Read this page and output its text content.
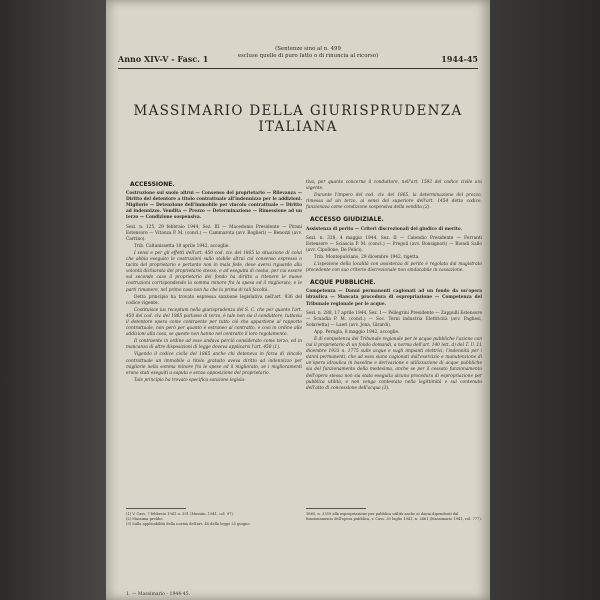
Anno XIV-V - Fasc. 1
(Sentenze sino al n. 499
escluse quelle di puro fatto o di rinuncia al ricorso)	1944-45
MASSIMARIO DELLA GIURISPRUDENZA ITALIANA
ACCESSIONE.
Costruzione sul suolo altrui — Consenso del proprietario — Rilevanza — Diritto del detentore a titolo contrattuale all'indennizzo per le addizioni. Migliorie — Detenzione dell'immobile per vincolo contrattuale — Diritto ad indennizzo. Vendita — Prezzo — Determinazione — Rimessione ad un terzo — Condizione sospensiva.
Sezi. n. 125, 29 febbraio 1944, Sez. III — Macedonio Presidente — Pirani Estensore — Vitanza P. M. (concl.) — Cammarota (avv. Boglieri) — Benozzi (avv. Carrino).
Trib. Caltanissetta 18 aprile 1942, accoglie.
I sensi e per gli effetti dell'art. 450 cod. civ. del 1865 la situazione di colui che abbia eseguito le costruzioni sullo stabile altrui col consenso espresso o tacito del proprietario e pertanto non in mala fede, deve aversi riguardo alla volontà dichiarata del proprietario stesso, e ad eseguita di costui, per cui essere sul secondo caso il proprietario del fondo ha diritto a ritenere le nuove costruzioni corrispondendo la somma minore fra la spesa ed il migliorato, e le parti rimanere, nel primo caso non ha che la prima di tali facoltà.
Detto principio ha trovato espressa sanzione legislativa nell'art. 936 del codice vigente.
Costituisce ius receptum nella giurisprudenza del S. C. che per quanto l'art. 450 del cod. civ. del 1865 parlasse di terzo, è tale non sia il conduttore, tuttavia il detentore opera come contraente per tutto ciò che appartiene al rapporto contrattuale, non però per quanto è estraneo al contratto, e così in ordine alle addizioni alla cosa, se queste non hanno nel contratto il loro regolamento.
Il contraente in ordine ad esse andava perciò considerato come terzo, ed in mancanza di altre disposizioni di legge doveva applicarsi l'art. 450 (1).
Vigendo il codice civile del 1865 anche chi deteneva in forza di vincolo contrattuale un immobile a titolo gratuito aveva diritto ad indennizzo per migliorie nella somma minore fra le spese ed il migliorato, se i miglioramenti erano stati eseguiti a saputa e senza opposizione del proprietario.
Tale principio ha trovato specifica sanzione legisla-
tiva, per quanto concerne il conduttore, nell'art. 1592 del codice civile ora vigente.
Durante l'impero del cod. civ. del 1865, la determinazione del prezzo, rimessa ad un terzo, ai sensi del superiore dell'art. 1454 detto codice, funzionava come condizione sospensiva della vendita (2).
ACCESSO GIUDIZIALE.
Assistenza di perito — Criteri discrezionali del giudice di merito.
Sezi. n. 328, 4 maggio 1944, Sez. II — Calendio Presidente — Ferranti Estensore — Sciascia P. M. (concl.) — Pregoli (avv. Bonsignori) — Biondi Sallo (avv. Cipollone, De Felici).
Trib. Montepulciano, 29 dicembre 1942, rigetta.
L'ispezione della località con assistenza di perito è regolata dal magistrato procedente con suo criterio discrezionale non sindacabile in cassazione.
ACQUE PUBBLICHE.
Competenza — Danni permanenti cagionati ad un fondo da un'opera idraulica — Mancata procedura di espropriazione — Competenza del Tribunale regionale per le acque.
Sezi. n. 288, 17 aprile 1944, Sez. I — Pellegrini Presidente — Zappulli Estensore — Scuadia P. M. (concl.) — Soc. Terni industria Elettricità (avv. Pagliesi, Solarietta) — Laeri (avv. Jona, Girardi).
App. Perugia, 8 maggio 1942, accoglie.
È di competenza del Tribunale regionale per le acque pubbliche l'azione con cui il proprietario di un fondo domandi, a norma dell'art. 140 lett. d) del T. U. 11 dicembre 1933 n. 1775 sulle acque e sugli impianti elettrici, l'indennità per i danni permanenti, che ad esso siano cagionati dall'esercizio e manutenzione di un'opera idraulica in baseline e derivazione e utilizzazione di acque pubbliche sia del funzionamento della medesima, anche se per il cessato funzionamento dell'opera stessa non sia stata eseguita alcuna procedura di espropriazione per pubblica utilità, e non venga contestata nella legittimità e sul contenuto dell'atto di concessione dell'acqua (3).
(1) V. Cass. 7 febbraio 1941 n. 391 (Massim. 1941, col. 97).
(2) Massima prelibe.
(3) Sulla applicabilità della norma dell'art. 48 della legge 25 giugno
1865, n. 2359 alla espropriazione per pubblica utilità anche ai danni dipendenti dal funzionamento dell'opera pubblica, v. Cass. 30 luglio 1941, n. 2461 (Massimario 1941, col. 777).
1. — Massimario - 1944-45.
